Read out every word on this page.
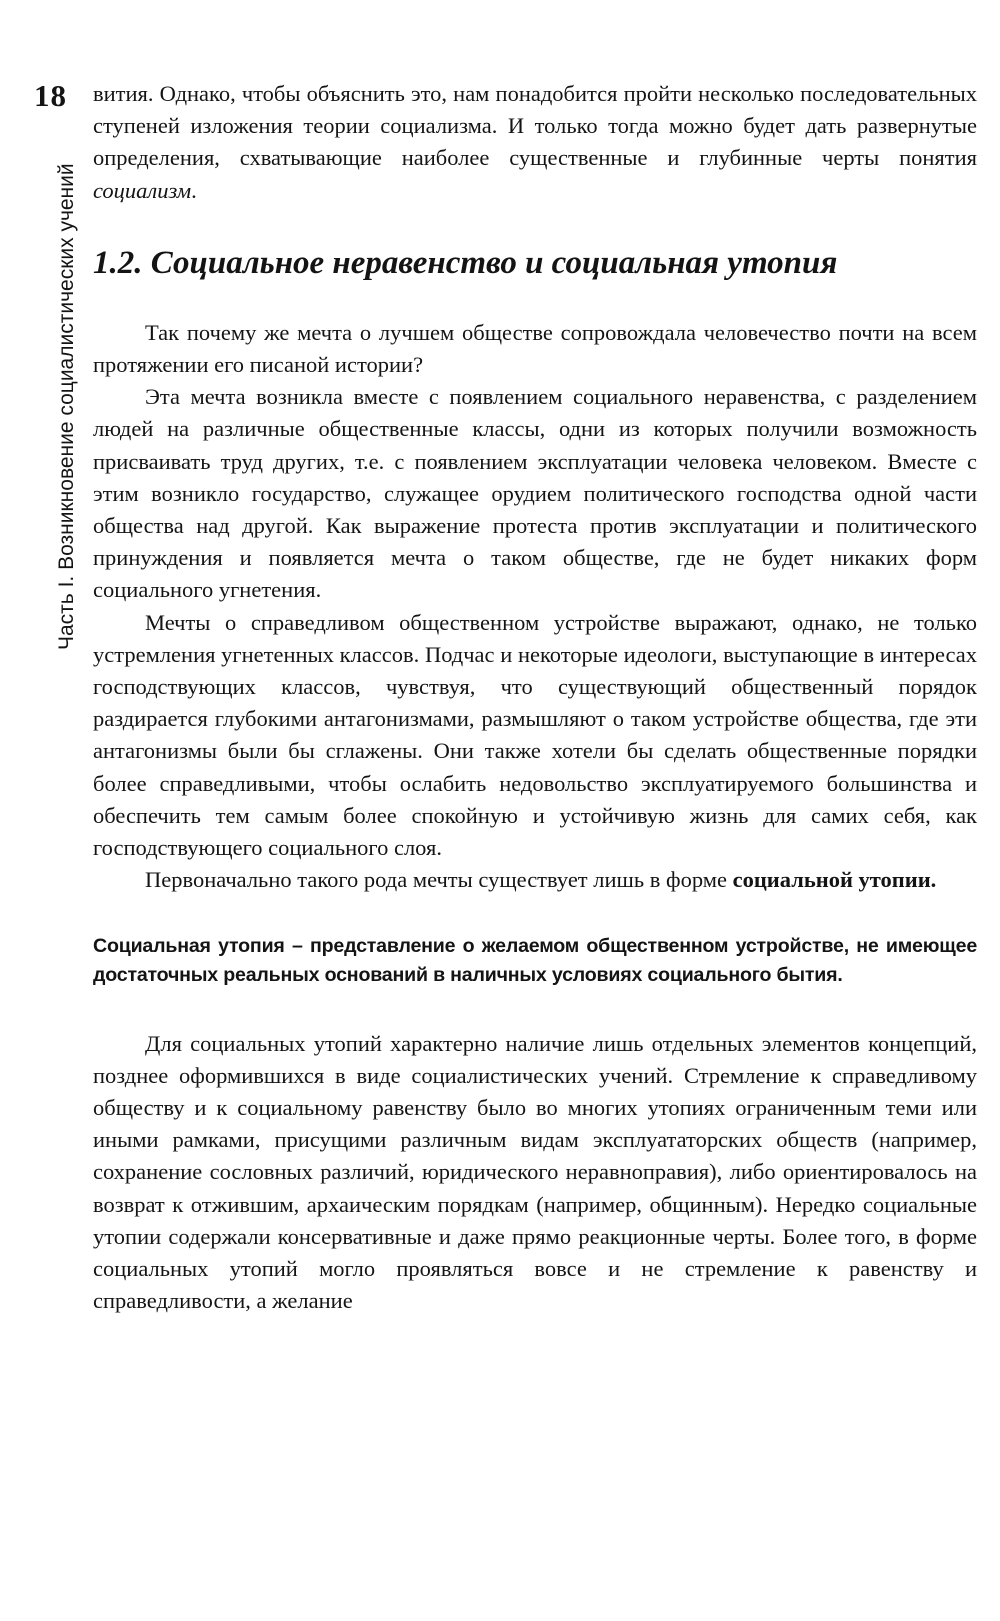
18
Часть I. Возникновение социалистических учений

вития. Однако, чтобы объяснить это, нам понадобится пройти несколько последовательных ступеней изложения теории социализма. И только тогда можно будет дать развернутые определения, схватывающие наиболее существенные и глубинные черты понятия социализм.

1.2. Социальное неравенство и социальная утопия

Так почему же мечта о лучшем обществе сопровождала человечество почти на всем протяжении его писаной истории?

Эта мечта возникла вместе с появлением социального неравенства, с разделением людей на различные общественные классы, одни из которых получили возможность присваивать труд других, т.е. с появлением эксплуатации человека человеком. Вместе с этим возникло государство, служащее орудием политического господства одной части общества над другой. Как выражение протеста против эксплуатации и политического принуждения и появляется мечта о таком обществе, где не будет никаких форм социального угнетения.

Мечты о справедливом общественном устройстве выражают, однако, не только устремления угнетенных классов. Подчас и некоторые идеологи, выступающие в интересах господствующих классов, чувствуя, что существующий общественный порядок раздирается глубокими антагонизмами, размышляют о таком устройстве общества, где эти антагонизмы были бы сглажены. Они также хотели бы сделать общественные порядки более справедливыми, чтобы ослабить недовольство эксплуатируемого большинства и обеспечить тем самым более спокойную и устойчивую жизнь для самих себя, как господствующего социального слоя.

Первоначально такого рода мечты существует лишь в форме социальной утопии.

Социальная утопия – представление о желаемом общественном устройстве, не имеющее достаточных реальных оснований в наличных условиях социального бытия.

Для социальных утопий характерно наличие лишь отдельных элементов концепций, позднее оформившихся в виде социалистических учений. Стремление к справедливому обществу и к социальному равенству было во многих утопиях ограниченным теми или иными рамками, присущими различным видам эксплуататорских обществ (например, сохранение сословных различий, юридического неравноправия), либо ориентировалось на возврат к отжившим, архаическим порядкам (например, общинным). Нередко социальные утопии содержали консервативные и даже прямо реакционные черты. Более того, в форме социальных утопий могло проявляться вовсе и не стремление к равенству и справедливости, а желание
